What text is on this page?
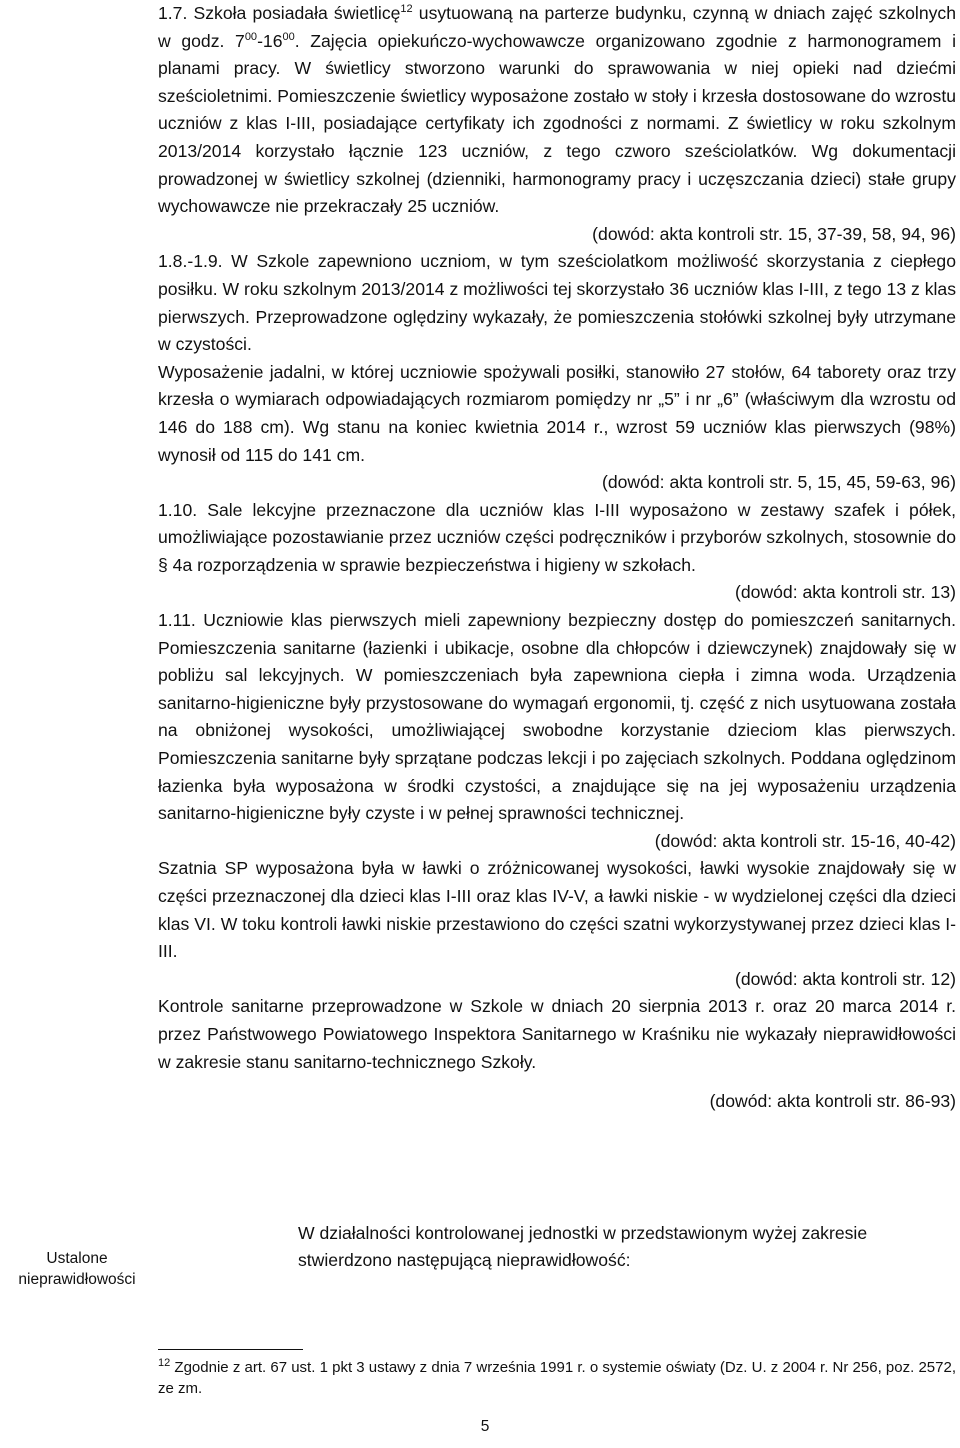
1.7. Szkoła posiadała świetlicę$^{12}$ usytuowaną na parterze budynku, czynną w dniach zajęć szkolnych w godz. $7^{00}-16^{00}$. Zajęcia opiekuńczo-wychowawcze organizowano zgodnie z harmonogramem i planami pracy. W świetlicy stworzono warunki do sprawowania w niej opieki nad dziećmi sześcioletnimi. Pomieszczenie świetlicy wyposażone zostało w stoły i krzesła dostosowane do wzrostu uczniów z klas I-III, posiadające certyfikaty ich zgodności z normami. Z świetlicy w roku szkolnym 2013/2014 korzystało łącznie 123 uczniów, z tego czworo sześciolatków. Wg dokumentacji prowadzonej w świetlicy szkolnej (dzienniki, harmonogramy pracy i uczęszczania dzieci) stałe grupy wychowawcze nie przekraczały 25 uczniów.

(dowód: akta kontroli str. 15, 37-39, 58, 94, 96)

1.8.-1.9. W Szkole zapewniono uczniom, w tym sześciolatkom możliwość skorzystania z ciepłego posiłku. W roku szkolnym 2013/2014 z możliwości tej skorzystało 36 uczniów klas I-III, z tego 13 z klas pierwszych. Przeprowadzone oględziny wykazały, że pomieszczenia stołówki szkolnej były utrzymane w czystości.

Wyposażenie jadalni, w której uczniowie spożywali posiłki, stanowiło 27 stołów, 64 taborety oraz trzy krzesła o wymiarach odpowiadających rozmiarom pomiędzy nr „5” i nr „6” (właściwym dla wzrostu od 146 do 188 cm). Wg stanu na koniec kwietnia 2014 r., wzrost 59 uczniów klas pierwszych (98%) wynosił od 115 do 141 cm.

(dowód: akta kontroli str. 5, 15, 45, 59-63, 96)

1.10. Sale lekcyjne przeznaczone dla uczniów klas I-III wyposażono w zestawy szafek i półek, umożliwiające pozostawianie przez uczniów części podręczników i przyborów szkolnych, stosownie do § 4a rozporządzenia w sprawie bezpieczeństwa i higieny w szkołach.

(dowód: akta kontroli str. 13)

1.11. Uczniowie klas pierwszych mieli zapewniony bezpieczny dostęp do pomieszczeń sanitarnych. Pomieszczenia sanitarne (łazienki i ubikacje, osobne dla chłopców i dziewczynek) znajdowały się w pobliżu sal lekcyjnych. W pomieszczeniach była zapewniona ciepła i zimna woda. Urządzenia sanitarno-higieniczne były przystosowane do wymagań ergonomii, tj. część z nich usytuowana została na obniżonej wysokości, umożliwiającej swobodne korzystanie dzieciom klas pierwszych. Pomieszczenia sanitarne były sprzątane podczas lekcji i po zajęciach szkolnych. Poddana oględzinom łazienka była wyposażona w środki czystości, a znajdujące się na jej wyposażeniu urządzenia sanitarno-higieniczne były czyste i w pełnej sprawności technicznej.

(dowód: akta kontroli str. 15-16, 40-42)

Szatnia SP wyposażona była w ławki o zróżnicowanej wysokości, ławki wysokie znajdowały się w części przeznaczonej dla dzieci klas I-III oraz klas IV-V, a ławki niskie - w wydzielonej części dla dzieci klas VI. W toku kontroli ławki niskie przestawiono do części szatni wykorzystywanej przez dzieci klas I-III.

(dowód: akta kontroli str. 12)

Kontrole sanitarne przeprowadzone w Szkole w dniach 20 sierpnia 2013 r. oraz 20 marca 2014 r. przez Państwowego Powiatowego Inspektora Sanitarnego w Kraśniku nie wykazały nieprawidłowości w zakresie stanu sanitarno-technicznego Szkoły.

(dowód: akta kontroli str. 86-93)

Ustalone nieprawidłowości
W działalności kontrolowanej jednostki w przedstawionym wyżej zakresie stwierdzono następującą nieprawidłowość:
$^{12}$ Zgodnie z art. 67 ust. 1 pkt 3 ustawy z dnia 7 września 1991 r. o systemie oświaty (Dz. U. z 2004 r. Nr 256, poz. 2572, ze zm.
5
